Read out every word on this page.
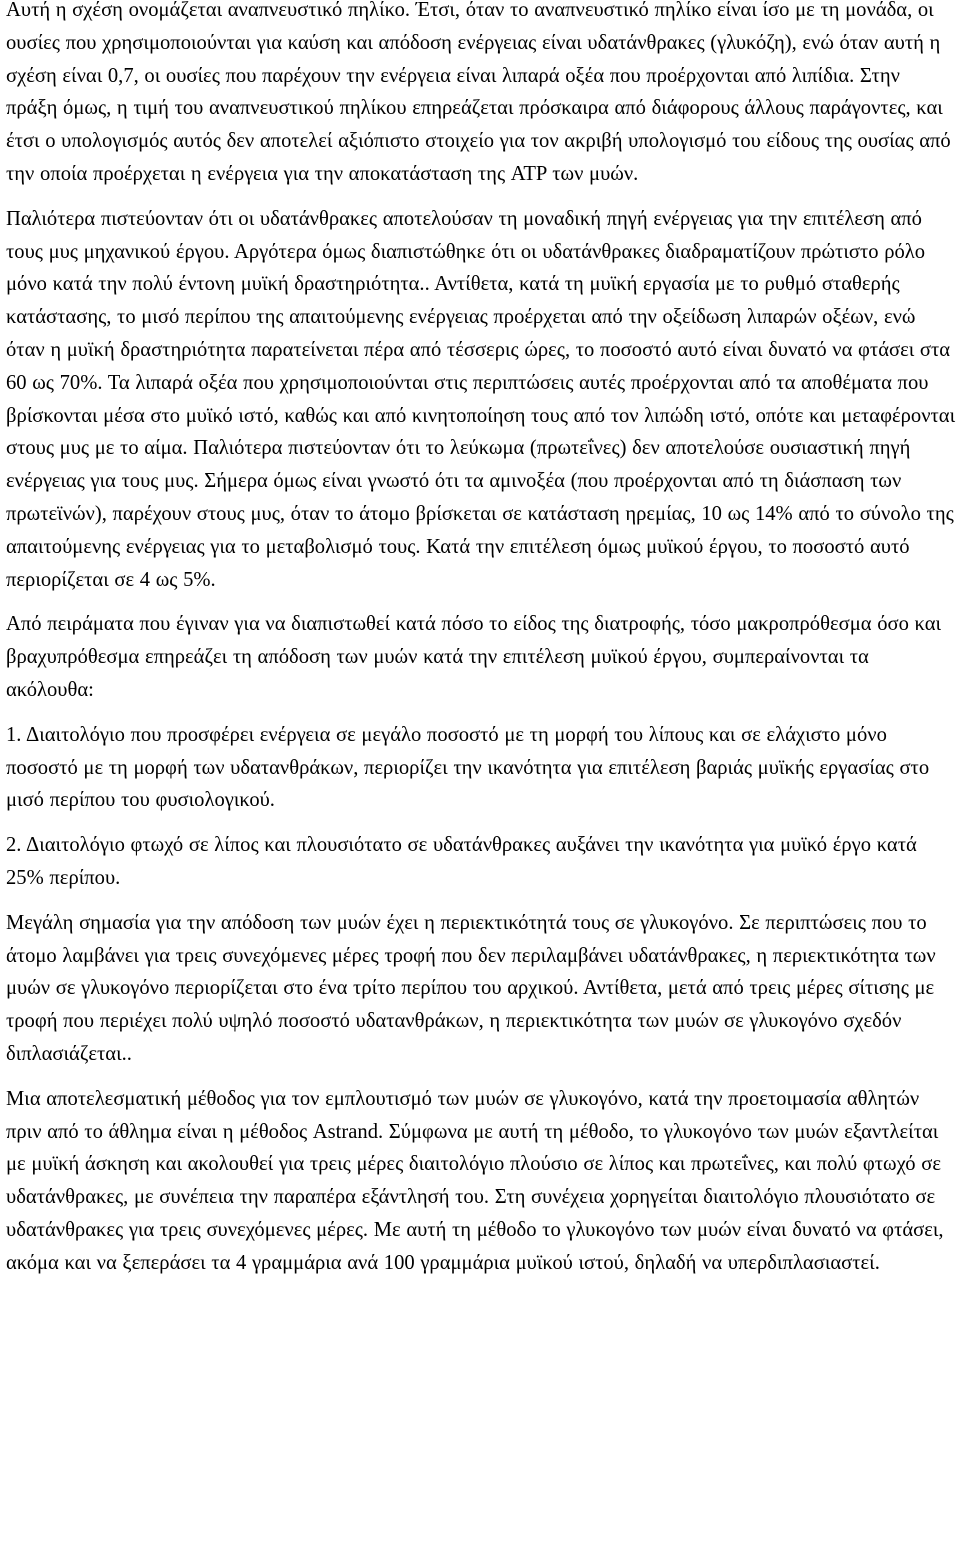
Αυτή η σχέση ονομάζεται αναπνευστικό πηλίκο. Έτσι, όταν το αναπνευστικό πηλίκο είναι ίσο με τη μονάδα, οι ουσίες που χρησιμοποιούνται για καύση και απόδοση ενέργειας είναι υδατάνθρακες (γλυκόζη), ενώ όταν αυτή η σχέση είναι 0,7, οι ουσίες που παρέχουν την ενέργεια είναι λιπαρά οξέα που προέρχονται από λιπίδια. Στην πράξη όμως, η τιμή του αναπνευστικού πηλίκου επηρεάζεται πρόσκαιρα από διάφορους άλλους παράγοντες, και έτσι ο υπολογισμός αυτός δεν αποτελεί αξιόπιστο στοιχείο για τον ακριβή υπολογισμό του είδους της ουσίας από την οποία προέρχεται η ενέργεια για την αποκατάσταση της ATP των μυών.

Παλιότερα πιστεύονταν ότι οι υδατάνθρακες αποτελούσαν τη μοναδική πηγή ενέργειας για την επιτέλεση από τους μυς μηχανικού έργου. Αργότερα όμως διαπιστώθηκε ότι οι υδατάνθρακες διαδραματίζουν πρώτιστο ρόλο μόνο κατά την πολύ έντονη μυϊκή δραστηριότητα.. Αντίθετα, κατά τη μυϊκή εργασία με το ρυθμό σταθερής κατάστασης, το μισό περίπου της απαιτούμενης ενέργειας προέρχεται από την οξείδωση λιπαρών οξέων, ενώ όταν η μυϊκή δραστηριότητα παρατείνεται πέρα από τέσσερις ώρες, το ποσοστό αυτό είναι δυνατό να φτάσει στα 60 ως 70%. Τα λιπαρά οξέα που χρησιμοποιούνται στις περιπτώσεις αυτές προέρχονται από τα αποθέματα που βρίσκονται μέσα στο μυϊκό ιστό, καθώς και από κινητοποίηση τους από τον λιπώδη ιστό, οπότε και μεταφέρονται στους μυς με το αίμα. Παλιότερα πιστεύονταν ότι το λεύκωμα (πρωτεΐνες) δεν αποτελούσε ουσιαστική πηγή ενέργειας για τους μυς. Σήμερα όμως είναι γνωστό ότι τα αμινοξέα (που προέρχονται από τη διάσπαση των πρωτεϊνών), παρέχουν στους μυς, όταν το άτομο βρίσκεται σε κατάσταση ηρεμίας, 10 ως 14% από το σύνολο της απαιτούμενης ενέργειας για το μεταβολισμό τους. Κατά την επιτέλεση όμως μυϊκού έργου, το ποσοστό αυτό περιορίζεται σε 4 ως 5%.

Από πειράματα που έγιναν για να διαπιστωθεί κατά πόσο το είδος της διατροφής, τόσο μακροπρόθεσμα όσο και βραχυπρόθεσμα επηρεάζει τη απόδοση των μυών κατά την επιτέλεση μυϊκού έργου, συμπεραίνονται τα ακόλουθα:

1. Διαιτολόγιο που προσφέρει ενέργεια σε μεγάλο ποσοστό με τη μορφή του λίπους και σε ελάχιστο μόνο ποσοστό με τη μορφή των υδατανθράκων, περιορίζει την ικανότητα για επιτέλεση βαριάς μυϊκής εργασίας στο μισό περίπου του φυσιολογικού.

2. Διαιτολόγιο φτωχό σε λίπος και πλουσιότατο σε υδατάνθρακες αυξάνει την ικανότητα για μυϊκό έργο κατά 25% περίπου.

Μεγάλη σημασία για την απόδοση των μυών έχει η περιεκτικότητά τους σε γλυκογόνο. Σε περιπτώσεις που το άτομο λαμβάνει για τρεις συνεχόμενες μέρες τροφή που δεν περιλαμβάνει υδατάνθρακες, η περιεκτικότητα των μυών σε γλυκογόνο περιορίζεται στο ένα τρίτο περίπου του αρχικού. Αντίθετα, μετά από τρεις μέρες σίτισης με τροφή που περιέχει πολύ υψηλό ποσοστό υδατανθράκων, η περιεκτικότητα των μυών σε γλυκογόνο σχεδόν διπλασιάζεται..

Μια αποτελεσματική μέθοδος για τον εμπλουτισμό των μυών σε γλυκογόνο, κατά την προετοιμασία αθλητών πριν από το άθλημα είναι η μέθοδος Astrand. Σύμφωνα με αυτή τη μέθοδο, το γλυκογόνο των μυών εξαντλείται με μυϊκή άσκηση και ακολουθεί για τρεις μέρες διαιτολόγιο πλούσιο σε λίπος και πρωτεΐνες, και πολύ φτωχό σε υδατάνθρακες, με συνέπεια την παραπέρα εξάντλησή του. Στη συνέχεια χορηγείται διαιτολόγιο πλουσιότατο σε υδατάνθρακες για τρεις συνεχόμενες μέρες. Με αυτή τη μέθοδο το γλυκογόνο των μυών είναι δυνατό να φτάσει, ακόμα και να ξεπεράσει τα 4 γραμμάρια ανά 100 γραμμάρια μυϊκού ιστού, δηλαδή να υπερδιπλασιαστεί.
